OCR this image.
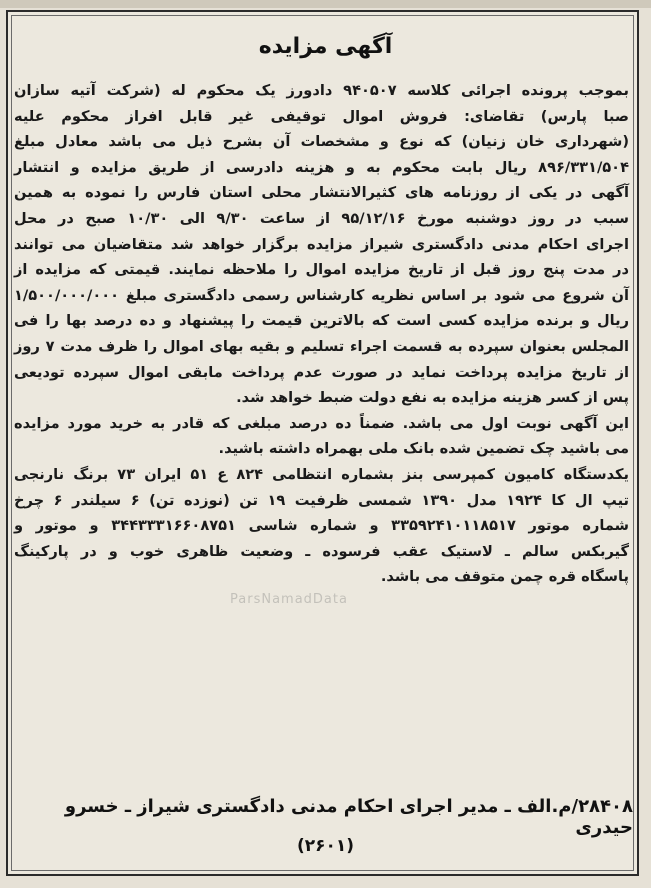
آگهی مزایده

بموجب پرونده اجرائی کلاسه ۹۴۰۵۰۷ دادورز یک محکوم له (شرکت آتیه سازان
صبا پارس) تقاضای: فروش اموال توقیفی غیر قابل افراز محکوم علیه
(شهرداری خان زنیان) که نوع و مشخصات آن بشرح ذیل می باشد معادل مبلغ
۸۹۶/۳۳۱/۵۰۴ ریال بابت محکوم به و هزینه دادرسی از طریق مزایده و انتشار
آگهی در یکی از روزنامه های کثیرالانتشار محلی استان فارس را نموده به همین
سبب در روز دوشنبه مورخ ۹۵/۱۲/۱۶ از ساعت ۹/۳۰ الی ۱۰/۳۰ صبح در محل
اجرای احکام مدنی دادگستری شیراز مزایده برگزار خواهد شد متقاضیان می توانند
در مدت پنج روز قبل از تاریخ مزایده اموال را ملاحظه نمایند. قیمتی که مزایده از
آن شروع می شود بر اساس نظریه کارشناس رسمی دادگستری مبلغ ۱/۵۰۰/۰۰۰/۰۰۰
ریال و برنده مزایده کسی است که بالاترین قیمت را پیشنهاد و ده درصد بها را فی
المجلس بعنوان سپرده به قسمت اجراء تسلیم و بقیه بهای اموال را ظرف مدت ۷ روز
از تاریخ مزایده پرداخت نماید در صورت عدم پرداخت مابقی اموال سپرده تودیعی
پس از کسر هزینه مزایده به نفع دولت ضبط خواهد شد.

این آگهی نوبت اول می باشد. ضمناً ده درصد مبلغی که قادر به خرید مورد مزایده
می باشید چک تضمین شده بانک ملی بهمراه داشته باشید.

یکدستگاه کامیون کمپرسی بنز بشماره انتظامی ۸۲۴ ع ۵۱ ایران ۷۳ برنگ نارنجی
تیپ ال کا ۱۹۲۴ مدل ۱۳۹۰ شمسی ظرفیت ۱۹ تن (نوزده تن) ۶ سیلندر ۶ چرخ
شماره موتور ۳۳۵۹۲۴۱۰۱۱۸۵۱۷ و شماره شاسی ۳۴۴۳۳۳۱۶۶۰۸۷۵۱ و موتور و
گیربکس سالم ـ لاستیک عقب فرسوده ـ وضعیت ظاهری خوب و در پارکینگ
پاسگاه قره چمن متوقف می باشد.

ParsNamadData
۲۸۴۰۸/م.الف ـ مدیر اجرای احکام مدنی دادگستری شیراز ـ خسرو حیدری
(۲۶۰۱)
